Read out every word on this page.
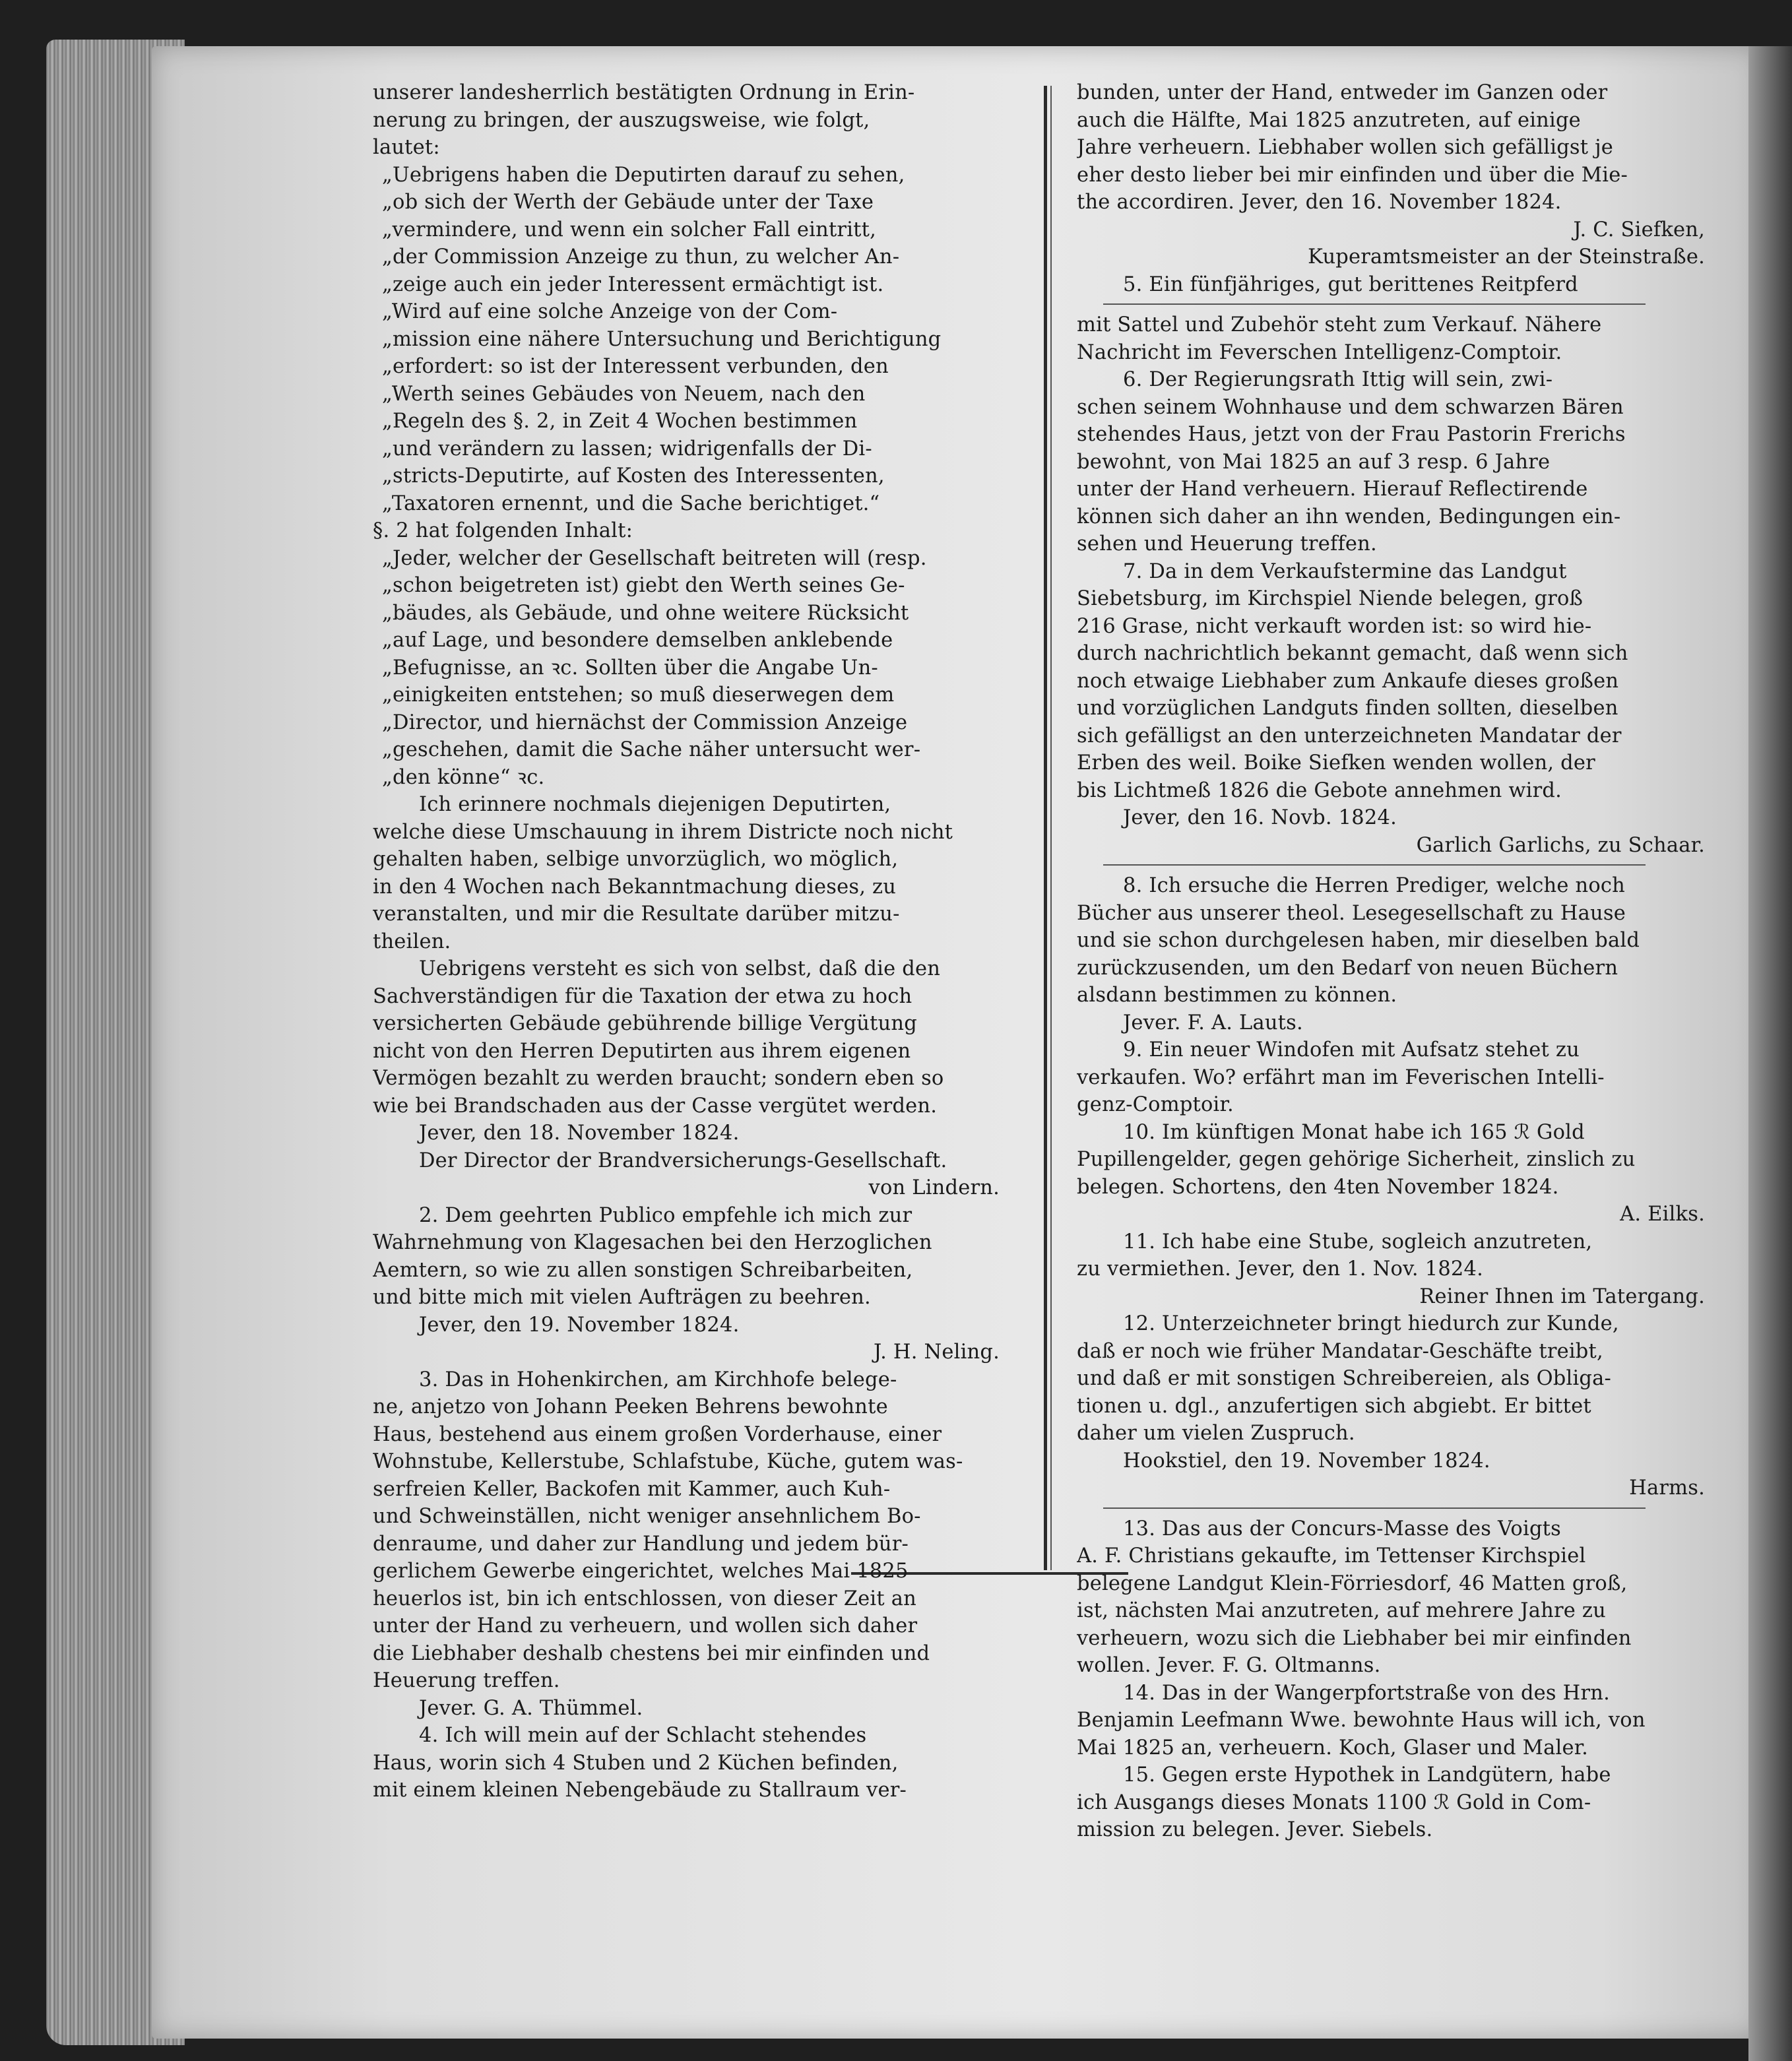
unserer landesherrlich bestätigten Ordnung in Erin-

nerung zu bringen, der auszugsweise, wie folgt,

lautet:

„Uebrigens haben die Deputirten darauf zu sehen,

„ob sich der Werth der Gebäude unter der Taxe

„vermindere, und wenn ein solcher Fall eintritt,

„der Commission Anzeige zu thun, zu welcher An-

„zeige auch ein jeder Interessent ermächtigt ist.

„Wird auf eine solche Anzeige von der Com-

„mission eine nähere Untersuchung und Berichtigung

„erfordert: so ist der Interessent verbunden, den

„Werth seines Gebäudes von Neuem, nach den

„Regeln des §. 2, in Zeit 4 Wochen bestimmen

„und verändern zu lassen; widrigenfalls der Di-

„stricts-Deputirte, auf Kosten des Interessenten,

„Taxatoren ernennt, und die Sache berichtiget.“

§. 2 hat folgenden Inhalt:

„Jeder, welcher der Gesellschaft beitreten will (resp.

„schon beigetreten ist) giebt den Werth seines Ge-

„bäudes, als Gebäude, und ohne weitere Rücksicht

„auf Lage, und besondere demselben anklebende

„Befugnisse, an ꝛc. Sollten über die Angabe Un-

„einigkeiten entstehen; so muß dieserwegen dem

„Director, und hiernächst der Commission Anzeige

„geschehen, damit die Sache näher untersucht wer-

„den könne“ ꝛc.

Ich erinnere nochmals diejenigen Deputirten,

welche diese Umschauung in ihrem Districte noch nicht

gehalten haben, selbige unvorzüglich, wo möglich,

in den 4 Wochen nach Bekanntmachung dieses, zu

veranstalten, und mir die Resultate darüber mitzu-

theilen.

Uebrigens versteht es sich von selbst, daß die den

Sachverständigen für die Taxation der etwa zu hoch

versicherten Gebäude gebührende billige Vergütung

nicht von den Herren Deputirten aus ihrem eigenen

Vermögen bezahlt zu werden braucht; sondern eben so

wie bei Brandschaden aus der Casse vergütet werden.

Jever, den 18. November 1824.

Der Director der Brandversicherungs-Gesellschaft.

von Lindern.

2. Dem geehrten Publico empfehle ich mich zur

Wahrnehmung von Klagesachen bei den Herzoglichen

Aemtern, so wie zu allen sonstigen Schreibarbeiten,

und bitte mich mit vielen Aufträgen zu beehren.

Jever, den 19. November 1824.

J. H. Neling.

3. Das in Hohenkirchen, am Kirchhofe belege-

ne, anjetzo von Johann Peeken Behrens bewohnte

Haus, bestehend aus einem großen Vorderhause, einer

Wohnstube, Kellerstube, Schlafstube, Küche, gutem was-

serfreien Keller, Backofen mit Kammer, auch Kuh-

und Schweinställen, nicht weniger ansehnlichem Bo-

denraume, und daher zur Handlung und jedem bür-

gerlichem Gewerbe eingerichtet, welches Mai 1825

heuerlos ist, bin ich entschlossen, von dieser Zeit an

unter der Hand zu verheuern, und wollen sich daher

die Liebhaber deshalb chestens bei mir einfinden und

Heuerung treffen.

Jever. G. A. Thümmel.

4. Ich will mein auf der Schlacht stehendes

Haus, worin sich 4 Stuben und 2 Küchen befinden,

mit einem kleinen Nebengebäude zu Stallraum ver-

bunden, unter der Hand, entweder im Ganzen oder

auch die Hälfte, Mai 1825 anzutreten, auf einige

Jahre verheuern. Liebhaber wollen sich gefälligst je

eher desto lieber bei mir einfinden und über die Mie-

the accordiren. Jever, den 16. November 1824.

J. C. Siefken,

Kuperamtsmeister an der Steinstraße.

5. Ein fünfjähriges, gut berittenes Reitpferd

mit Sattel und Zubehör steht zum Verkauf. Nähere

Nachricht im Feverschen Intelligenz-Comptoir.

6. Der Regierungsrath Ittig will sein, zwi-

schen seinem Wohnhause und dem schwarzen Bären

stehendes Haus, jetzt von der Frau Pastorin Frerichs

bewohnt, von Mai 1825 an auf 3 resp. 6 Jahre

unter der Hand verheuern. Hierauf Reflectirende

können sich daher an ihn wenden, Bedingungen ein-

sehen und Heuerung treffen.

7. Da in dem Verkaufstermine das Landgut

Siebetsburg, im Kirchspiel Niende belegen, groß

216 Grase, nicht verkauft worden ist: so wird hie-

durch nachrichtlich bekannt gemacht, daß wenn sich

noch etwaige Liebhaber zum Ankaufe dieses großen

und vorzüglichen Landguts finden sollten, dieselben

sich gefälligst an den unterzeichneten Mandatar der

Erben des weil. Boike Siefken wenden wollen, der

bis Lichtmeß 1826 die Gebote annehmen wird.

Jever, den 16. Novb. 1824.

Garlich Garlichs, zu Schaar.

8. Ich ersuche die Herren Prediger, welche noch

Bücher aus unserer theol. Lesegesellschaft zu Hause

und sie schon durchgelesen haben, mir dieselben bald

zurückzusenden, um den Bedarf von neuen Büchern

alsdann bestimmen zu können.

Jever. F. A. Lauts.

9. Ein neuer Windofen mit Aufsatz stehet zu

verkaufen. Wo? erfährt man im Feverischen Intelli-

genz-Comptoir.

10. Im künftigen Monat habe ich 165 ℛ Gold

Pupillengelder, gegen gehörige Sicherheit, zinslich zu

belegen. Schortens, den 4ten November 1824.

A. Eilks.

11. Ich habe eine Stube, sogleich anzutreten,

zu vermiethen. Jever, den 1. Nov. 1824.

Reiner Ihnen im Tatergang.

12. Unterzeichneter bringt hiedurch zur Kunde,

daß er noch wie früher Mandatar-Geschäfte treibt,

und daß er mit sonstigen Schreibereien, als Obliga-

tionen u. dgl., anzufertigen sich abgiebt. Er bittet

daher um vielen Zuspruch.

Hookstiel, den 19. November 1824.

Harms.

13. Das aus der Concurs-Masse des Voigts

A. F. Christians gekaufte, im Tettenser Kirchspiel

belegene Landgut Klein-Förriesdorf, 46 Matten groß,

ist, nächsten Mai anzutreten, auf mehrere Jahre zu

verheuern, wozu sich die Liebhaber bei mir einfinden

wollen. Jever. F. G. Oltmanns.

14. Das in der Wangerpfortstraße von des Hrn.

Benjamin Leefmann Wwe. bewohnte Haus will ich, von

Mai 1825 an, verheuern. Koch, Glaser und Maler.

15. Gegen erste Hypothek in Landgütern, habe

ich Ausgangs dieses Monats 1100 ℛ Gold in Com-

mission zu belegen. Jever. Siebels.
